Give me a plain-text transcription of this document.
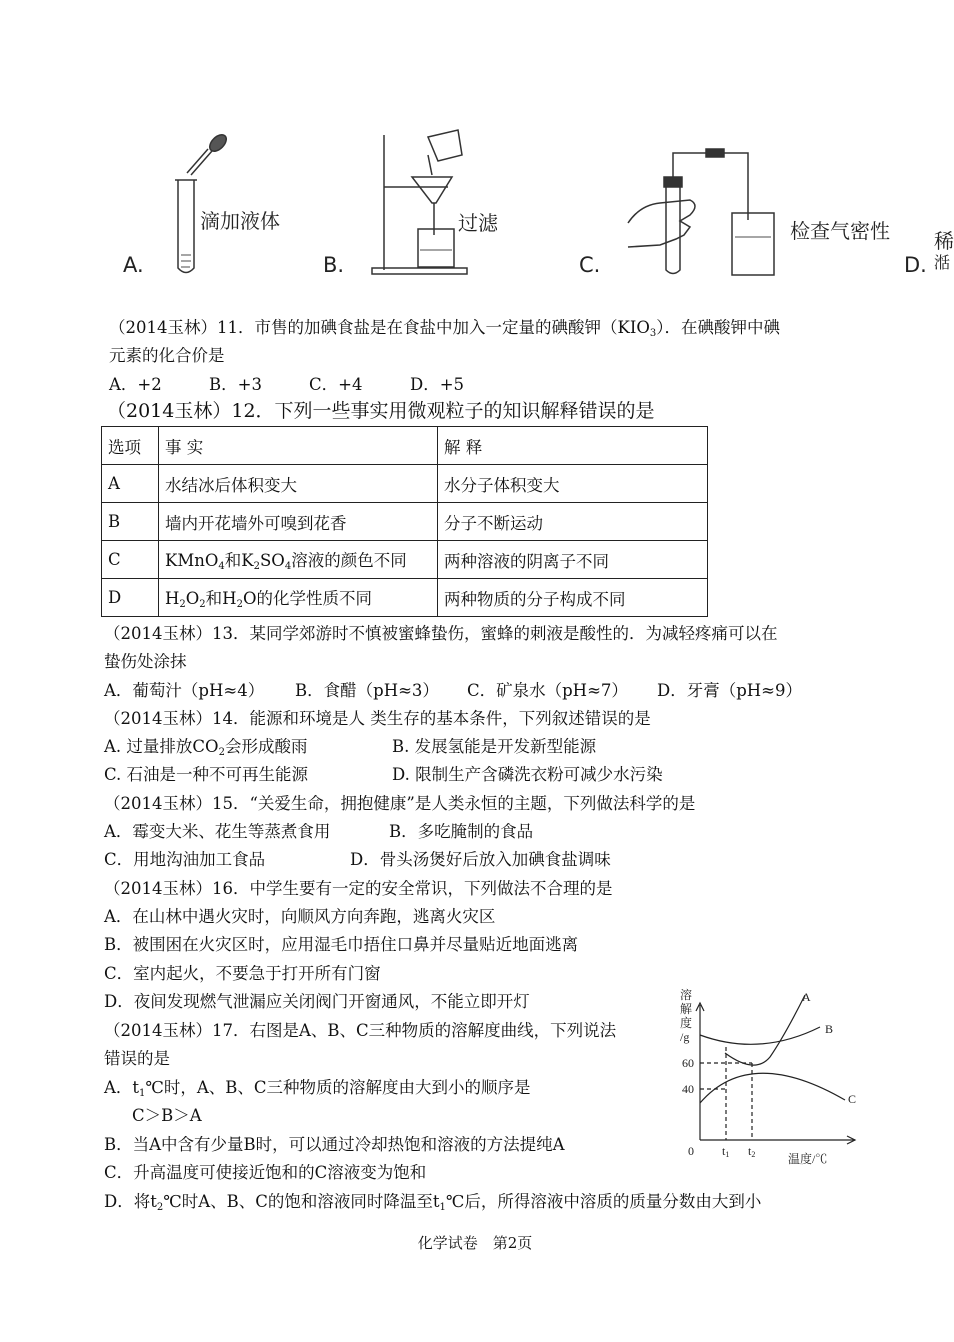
A.	B.	C.	D.
滴加液体	过滤	检查气密性 稀
湉
（2014玉林）11．市售的加碘食盐是在食盐中加入一定量的碘酸钾$(KIO_3)$．在碘酸钾中碘
元素的化合价是
A．+2	B．+3	C．+4	D．+5
（2014玉林）12．下列一些事实用微观粒子的知识解释错误的是
选项	事 实	解 释
A	水结冰后体积变大	水分子体积变大
B	墙内开花墙外可嗅到花香	分子不断运动
C	KMnO$_4$和$K_2SO_4$溶液的颜色不同	两种溶液的阴离子不同
D	$H_2O_2$和$H_2O$的化学性质不同	两种物质的分子构成不同
（2014玉林）13．某同学郊游时不慎被蜜蜂蛰伤，蜜蜂的刺液是酸性的．为减轻疼痛可以在
蛰伤处涂抹
A．葡萄汁（pH≈4） B．食醋（pH≈3） C．矿泉水（pH≈7） D．牙膏（pH≈9）
（2014玉林）14．能源和环境是人 类生存的基本条件，下列叙述错误的是
A. 过量排放$CO_2$会形成酸雨	B. 发展氢能是开发新型能源
C. 石油是一种不可再生能源	D. 限制生产含磷洗衣粉可减少水污染
（2014玉林）15．“关爱生命，拥抱健康”是人类永恒的主题，下列做法科学的是
A．霉变大米、花生等蒸煮食用	B．多吃腌制的食品
C．用地沟油加工食品	D．骨头汤煲好后放入加碘食盐调味
（2014玉林）16．中学生要有一定的安全常识，下列做法不合理的是
A．在山林中遇火灾时，向顺风方向奔跑，逃离火灾区
B．被围困在火灾区时，应用湿毛巾捂住口鼻并尽量贴近地面逃离
C．室内起火，不要急于打开所有门窗
D．夜间发现燃气泄漏应关闭阀门开窗通风，不能立即开灯
（2014玉林）17．右图是A、B、C三种物质的溶解度曲线，下列说法
错误的是
A．$t_1℃$时，A、B、C三种物质的溶解度由大到小的顺序是
C＞B＞A
B．当A中含有少量B时，可以通过冷却热饱和溶液的方法提纯A
C．升高温度可使接近饱和的C溶液变为饱和
D．将$t_2℃$时A、B、C的饱和溶液同时降温至$t_1℃$后，所得溶液中溶质的质量分数由大到小
溶
解
度
/g
60
40
0 t1 t2	温度/℃
A
B
C
化学试卷　第2页
